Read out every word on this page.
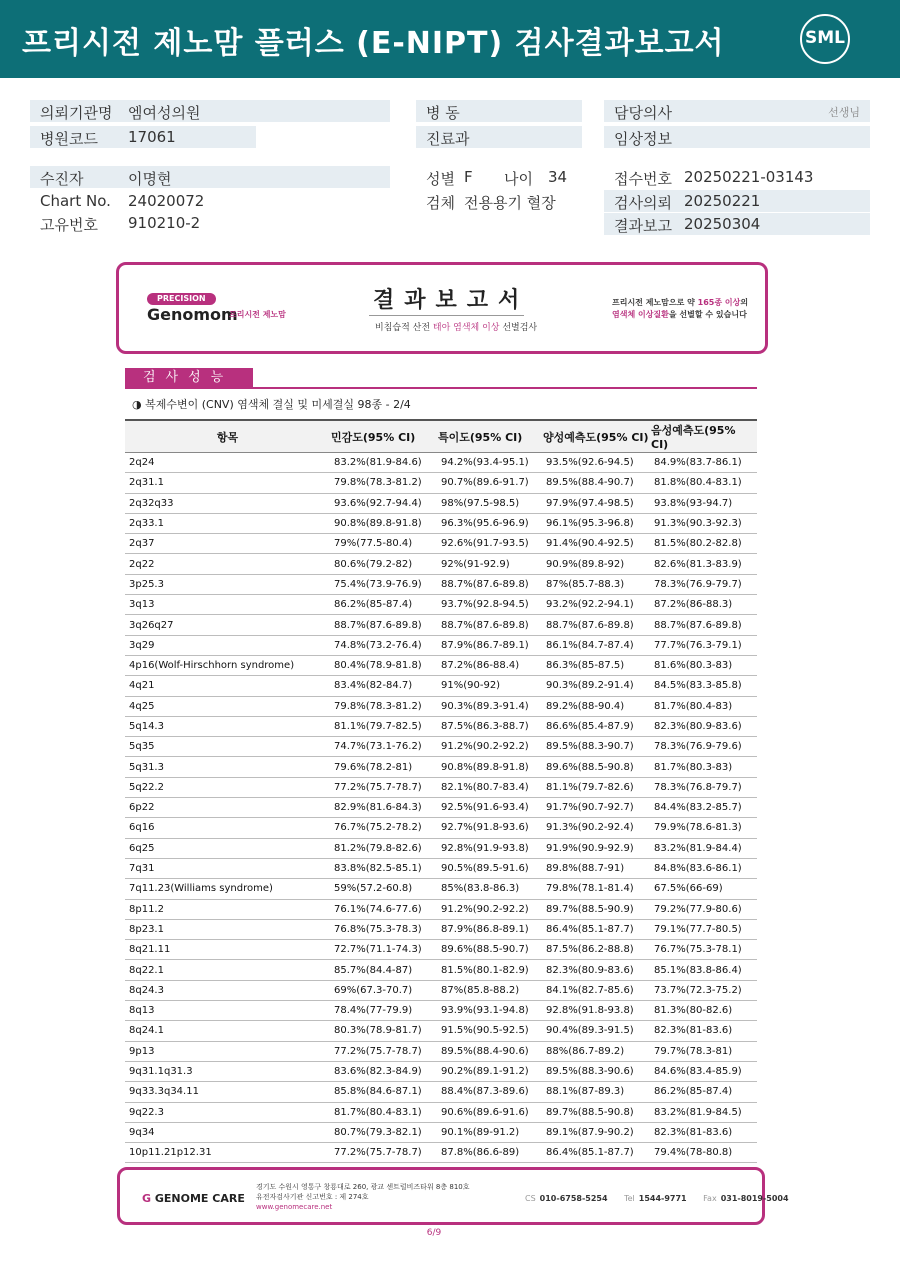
프리시전 제노맘 플러스 (E-NIPT) 검사결과보고서	SML
의뢰기관명 엠여성의원
병원코드 17061
병 동
진료과
담당의사	선생님
임상정보
수진자	이명현
Chart No. 24020072
고유번호 910210-2
성별 F 나이 34
검체 전용용기 혈장
접수번호 20250221-03143
검사의뢰 20250221
결과보고 20250304
PRECISION
Genomom
프리시전 제노맘
결과보고서
비침습적 산전 태아 염색체 이상 선별검사
프리시전 제노맘으로 약 165종 이상의
염색체 이상질환을 선별할 수 있습니다
검사성능
◑ 복제수변이 (CNV) 염색체 결실 및 미세결실 98종 - 2/4
항목	민감도(95% CI)	특이도(95% CI)	양성예측도(95% CI)	음성예측도(95% CI)
2q24	83.2%(81.9-84.6)	94.2%(93.4-95.1)	93.5%(92.6-94.5)	84.9%(83.7-86.1)
2q31.1	79.8%(78.3-81.2)	90.7%(89.6-91.7)	89.5%(88.4-90.7)	81.8%(80.4-83.1)
2q32q33	93.6%(92.7-94.4)	98%(97.5-98.5)	97.9%(97.4-98.5)	93.8%(93-94.7)
2q33.1	90.8%(89.8-91.8)	96.3%(95.6-96.9)	96.1%(95.3-96.8)	91.3%(90.3-92.3)
2q37	79%(77.5-80.4)	92.6%(91.7-93.5)	91.4%(90.4-92.5)	81.5%(80.2-82.8)
2q22	80.6%(79.2-82)	92%(91-92.9)	90.9%(89.8-92)	82.6%(81.3-83.9)
3p25.3	75.4%(73.9-76.9)	88.7%(87.6-89.8)	87%(85.7-88.3)	78.3%(76.9-79.7)
3q13	86.2%(85-87.4)	93.7%(92.8-94.5)	93.2%(92.2-94.1)	87.2%(86-88.3)
3q26q27	88.7%(87.6-89.8)	88.7%(87.6-89.8)	88.7%(87.6-89.8)	88.7%(87.6-89.8)
3q29	74.8%(73.2-76.4)	87.9%(86.7-89.1)	86.1%(84.7-87.4)	77.7%(76.3-79.1)
4p16(Wolf-Hirschhorn syndrome)	80.4%(78.9-81.8)	87.2%(86-88.4)	86.3%(85-87.5)	81.6%(80.3-83)
4q21	83.4%(82-84.7)	91%(90-92)	90.3%(89.2-91.4)	84.5%(83.3-85.8)
4q25	79.8%(78.3-81.2)	90.3%(89.3-91.4)	89.2%(88-90.4)	81.7%(80.4-83)
5q14.3	81.1%(79.7-82.5)	87.5%(86.3-88.7)	86.6%(85.4-87.9)	82.3%(80.9-83.6)
5q35	74.7%(73.1-76.2)	91.2%(90.2-92.2)	89.5%(88.3-90.7)	78.3%(76.9-79.6)
5q31.3	79.6%(78.2-81)	90.8%(89.8-91.8)	89.6%(88.5-90.8)	81.7%(80.3-83)
5q22.2	77.2%(75.7-78.7)	82.1%(80.7-83.4)	81.1%(79.7-82.6)	78.3%(76.8-79.7)
6p22	82.9%(81.6-84.3)	92.5%(91.6-93.4)	91.7%(90.7-92.7)	84.4%(83.2-85.7)
6q16	76.7%(75.2-78.2)	92.7%(91.8-93.6)	91.3%(90.2-92.4)	79.9%(78.6-81.3)
6q25	81.2%(79.8-82.6)	92.8%(91.9-93.8)	91.9%(90.9-92.9)	83.2%(81.9-84.4)
7q31	83.8%(82.5-85.1)	90.5%(89.5-91.6)	89.8%(88.7-91)	84.8%(83.6-86.1)
7q11.23(Williams syndrome)	59%(57.2-60.8)	85%(83.8-86.3)	79.8%(78.1-81.4)	67.5%(66-69)
8p11.2	76.1%(74.6-77.6)	91.2%(90.2-92.2)	89.7%(88.5-90.9)	79.2%(77.9-80.6)
8p23.1	76.8%(75.3-78.3)	87.9%(86.8-89.1)	86.4%(85.1-87.7)	79.1%(77.7-80.5)
8q21.11	72.7%(71.1-74.3)	89.6%(88.5-90.7)	87.5%(86.2-88.8)	76.7%(75.3-78.1)
8q22.1	85.7%(84.4-87)	81.5%(80.1-82.9)	82.3%(80.9-83.6)	85.1%(83.8-86.4)
8q24.3	69%(67.3-70.7)	87%(85.8-88.2)	84.1%(82.7-85.6)	73.7%(72.3-75.2)
8q13	78.4%(77-79.9)	93.9%(93.1-94.8)	92.8%(91.8-93.8)	81.3%(80-82.6)
8q24.1	80.3%(78.9-81.7)	91.5%(90.5-92.5)	90.4%(89.3-91.5)	82.3%(81-83.6)
9p13	77.2%(75.7-78.7)	89.5%(88.4-90.6)	88%(86.7-89.2)	79.7%(78.3-81)
9q31.1q31.3	83.6%(82.3-84.9)	90.2%(89.1-91.2)	89.5%(88.3-90.6)	84.6%(83.4-85.9)
9q33.3q34.11	85.8%(84.6-87.1)	88.4%(87.3-89.6)	88.1%(87-89.3)	86.2%(85-87.4)
9q22.3	81.7%(80.4-83.1)	90.6%(89.6-91.6)	89.7%(88.5-90.8)	83.2%(81.9-84.5)
9q34	80.7%(79.3-82.1)	90.1%(89-91.2)	89.1%(87.9-90.2)	82.3%(81-83.6)
10p11.21p12.31	77.2%(75.7-78.7)	87.8%(86.6-89)	86.4%(85.1-87.7)	79.4%(78-80.8)
G GENOME CARE
경기도 수원시 영통구 창룡대로 260, 광교 센트럴비즈타워 8층 810호
유전자검사기관 신고번호 : 제 274호
www.genomecare.net
CS 010-6758-5254 Tel 1544-9771 Fax 031-8019-5004
6/9
